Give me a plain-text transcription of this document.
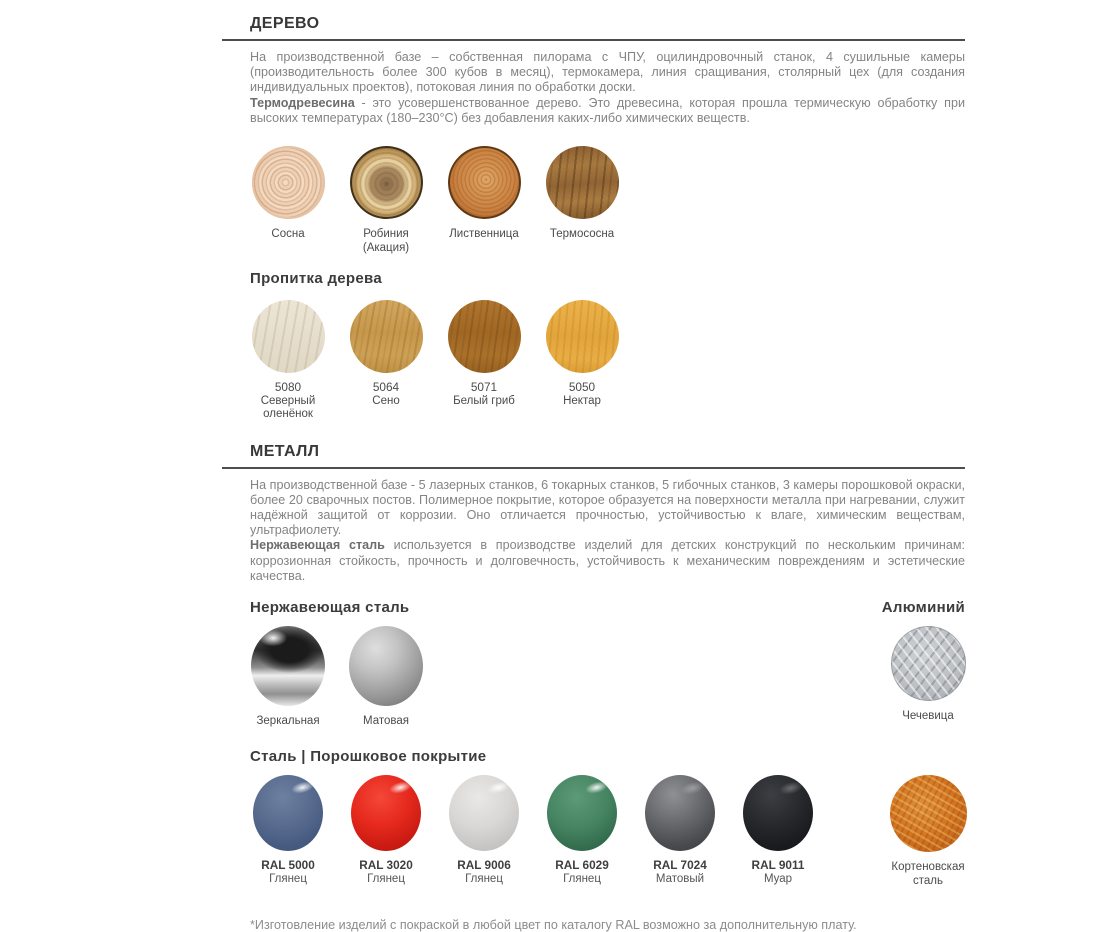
ДЕРЕВО

На производственной базе – собственная пилорама с ЧПУ, оцилиндровочный станок, 4 сушильные камеры (производительность более 300 кубов в месяц), термокамера, линия сращивания, столярный цех (для создания индивидуальных проектов), потоковая линия по обработки доски.
Термодревесина - это усовершенствованное дерево. Это древесина, которая прошла термическую обработку при высоких температурах (180–230°С) без добавления каких-либо химических веществ.

Сосна	Робиния (Акация)
Лиственница	Термососна
Пропитка дерева
5080
Северный оленёнок
5064
Сено
5071
Белый гриб
5050
Нектар
МЕТАЛЛ

На производственной базе - 5 лазерных станков, 6 токарных станков, 5 гибочных станков, 3 камеры порошковой окраски, более 20 сварочных постов. Полимерное покрытие, которое образуется на поверхности металла при нагревании, служит надёжной защитой от коррозии. Оно отличается прочностью, устойчивостью к влаге, химическим веществам, ультрафиолету.
Нержавеющая сталь используется в производстве изделий для детских конструкций по нескольким причинам: коррозионная стойкость, прочность и долговечность, устойчивость к механическим повреждениям и эстетические качества.

Нержавеющая сталь	Алюминий
Зеркальная	Матовая	Чечевица
Сталь | Порошковое покрытие
RAL 5000
Глянец
RAL 3020
Глянец
RAL 9006
Глянец
RAL 6029
Глянец
RAL 7024
Матовый
RAL 9011
Муар
Кортеновская сталь

*Изготовление изделий с покраской в любой цвет по каталогу RAL возможно за дополнительную плату.
